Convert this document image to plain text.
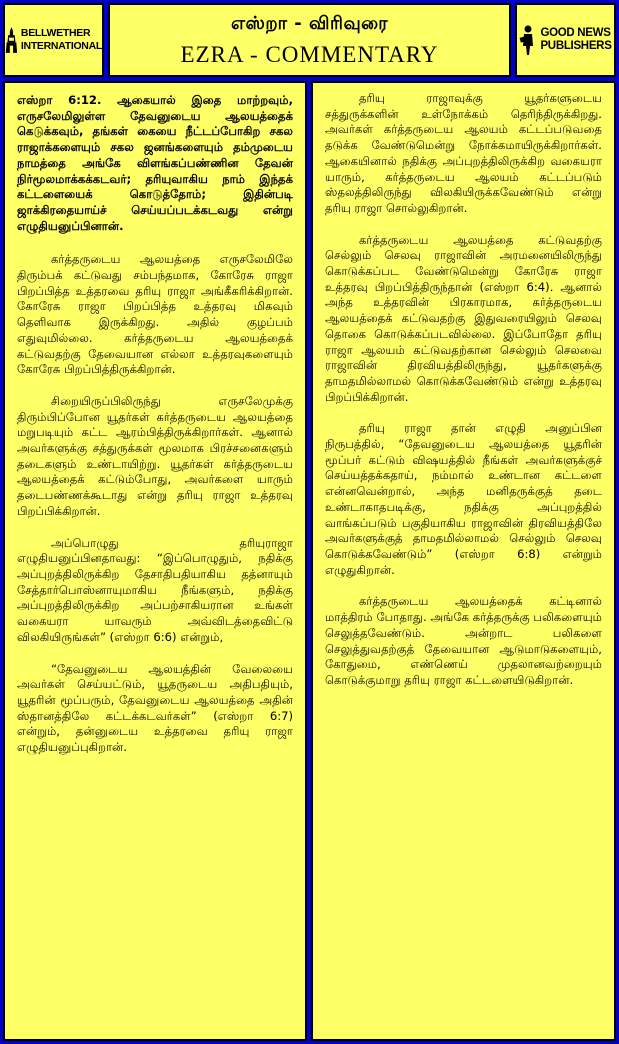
BELLWETHER
INTERNATIONAL
எஸ்றா - விரிவுரை
EZRA - COMMENTARY
GOOD NEWS
PUBLISHERS

எஸ்றா 6:12. ஆகையால் இதை மாற்றவும், எருசலேமிலுள்ள தேவனுடைய ஆலயத்தைக் கெடுக்கவும், தங்கள் கையை நீட்டப்போகிற சகல ராஜாக்களையும் சகல ஜனங்களையும் தம்முடைய நாமத்தை அங்கே விளங்கப்பண்ணின தேவன் நிர்மூலமாக்கக்கடவர்; தரியுவாகிய நாம் இந்தக் கட்டளையைக் கொடுத்தோம்; இதின்படி ஜாக்கிரதையாய்ச் செய்யப்படக்கடவது என்று எழுதியனுப்பினான்.

கர்த்தருடைய ஆலயத்தை எருசலேமிலே திரும்பக் கட்டுவது சம்பந்தமாக, கோரேசு ராஜா பிறப்பித்த உத்தரவை தரியு ராஜா அங்கீகரிக்கிறான். கோரேசு ராஜா பிறப்பித்த உத்தரவு மிகவும் தெளிவாக இருக்கிறது. அதில் குழப்பம் எதுவுமில்லை. கர்த்தருடைய ஆலயத்தைக் கட்டுவதற்கு தேவையான எல்லா உத்தரவுகளையும் கோரேசு பிறப்பித்திருக்கிறான்.

சிறையிருப்பிலிருந்து எருசலேமுக்கு திரும்பிப்போன யூதர்கள் கர்த்தருடைய ஆலயத்தை மறுபடியும் கட்ட ஆரம்பித்திருக்கிறார்கள். ஆனால் அவர்களுக்கு சத்துருக்கள் மூலமாக பிரச்சனைகளும் தடைகளும் உண்டாயிற்று. யூதர்கள் கர்த்தருடைய ஆலயத்தைக் கட்டும்போது, அவர்களை யாரும் தடைபண்ணக்கூடாது என்று தரியு ராஜா உத்தரவு பிறப்பிக்கிறான்.

அப்பொழுது தரியுராஜா எழுதியனுப்பினதாவது: “இப்பொழுதும், நதிக்கு அப்புறத்திலிருக்கிற தேசாதிபதியாகிய தத்னாயும் சேத்தார்பொஸ்னாயுமாகிய நீங்களும், நதிக்கு அப்புறத்திலிருக்கிற அப்பற்சாகியரான உங்கள் வகையரா யாவரும் அவ்விடத்தைவிட்டு விலகியிருங்கள்” (எஸ்றா 6:6) என்றும்,

“தேவனுடைய ஆலயத்தின் வேலையை அவர்கள் செய்யட்டும், யூதருடைய அதிபதியும், யூதரின் மூப்பரும், தேவனுடைய ஆலயத்தை அதின் ஸ்தானத்திலே கட்டக்கடவர்கள்” (எஸ்றா 6:7) என்றும், தன்னுடைய உத்தரவை தரியு ராஜா எழுதியனுப்புகிறான்.

தரியு ராஜாவுக்கு யூதர்களுடைய சத்துருக்களின் உள்நோக்கம் தெரிந்திருக்கிறது. அவர்கள் கர்த்தருடைய ஆலயம் கட்டப்படுவதை தடுக்க வேண்டுமென்று நோக்கமாயிருக்கிறார்கள். ஆகையினால் நதிக்கு அப்புறத்திலிருக்கிற வகையரா யாரும், கர்த்தருடைய ஆலயம் கட்டப்படும் ஸ்தலத்திலிருந்து விலகியிருக்கவேண்டும் என்று தரியு ராஜா சொல்லுகிறான்.

கர்த்தருடைய ஆலயத்தை கட்டுவதற்கு செல்லும் செலவு ராஜாவின் அரமனையிலிருந்து கொடுக்கப்பட வேண்டுமென்று கோரேசு ராஜா உத்தரவு பிறப்பித்திருந்தான் (எஸ்றா 6:4). ஆனால் அந்த உத்தரவின் பிரகாரமாக, கர்த்தருடைய ஆலயத்தைக் கட்டுவதற்கு இதுவரையிலும் செலவு தொகை கொடுக்கப்படவில்லை. இப்போதோ தரியு ராஜா ஆலயம் கட்டுவதற்கான செல்லும் செலவை ராஜாவின் திரவியத்திலிருந்து, யூதர்களுக்கு தாமதமில்லாமல் கொடுக்கவேண்டும் என்று உத்தரவு பிறப்பிக்கிறான்.

தரியு ராஜா தான் எழுதி அனுப்பின நிருபத்தில், “தேவனுடைய ஆலயத்தை யூதரின் மூப்பர் கட்டும் விஷயத்தில் நீங்கள் அவர்களுக்குச் செய்யத்தக்கதாய், நம்மால் உண்டான கட்டளை என்னவென்றால், அந்த மனிதருக்குத் தடை உண்டாகாதபடிக்கு, நதிக்கு அப்புறத்தில் வாங்கப்படும் பகுதியாகிய ராஜாவின் திரவியத்திலே அவர்களுக்குத் தாமதமில்லாமல் செல்லும் செலவு கொடுக்கவேண்டும்” (எஸ்றா 6:8) என்றும் எழுதுகிறான்.

கர்த்தருடைய ஆலயத்தைக் கட்டினால் மாத்திரம் போதாது. அங்கே கர்த்தருக்கு பலிகளையும் செலுத்தவேண்டும். அன்றாட பலிகளை செலுத்துவதற்குத் தேவையான ஆடுமாடுகளையும், கோதுமை, எண்ணெய் முதலானவற்றையும் கொடுக்குமாறு தரியு ராஜா கட்டளையிடுகிறான்.
